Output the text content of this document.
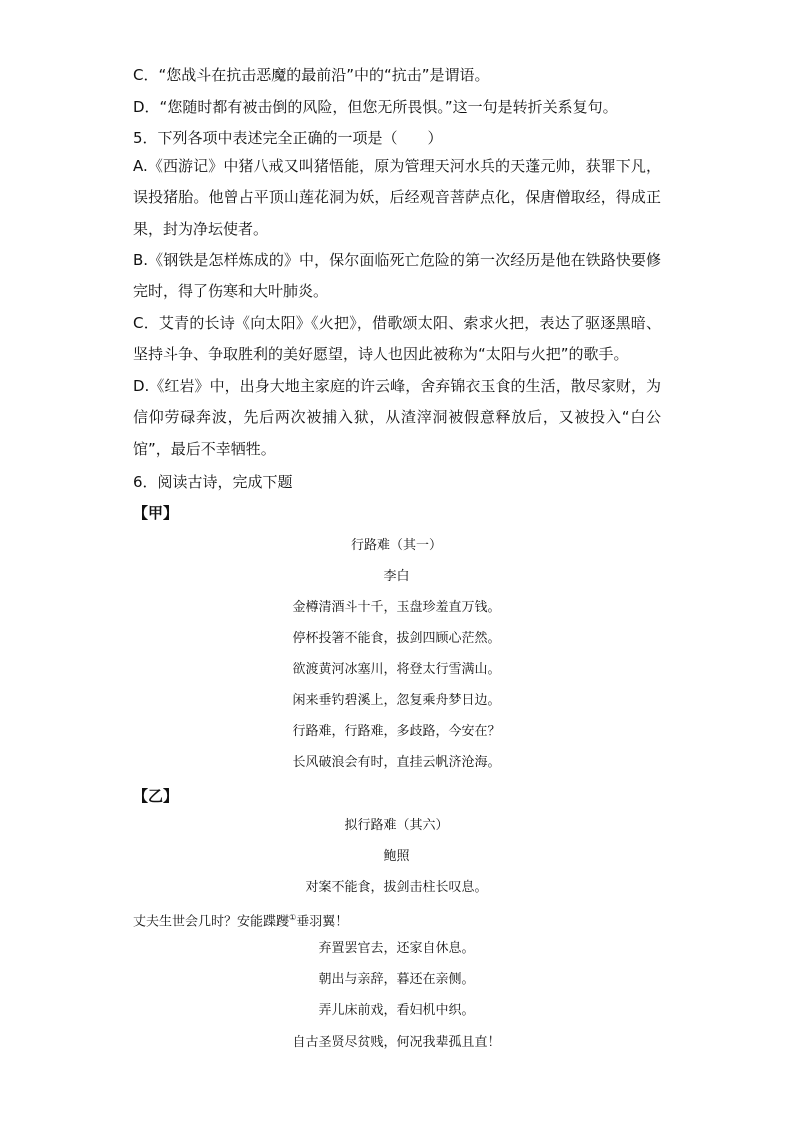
C．“您战斗在抗击恶魔的最前沿”中的“抗击”是谓语。
D．“您随时都有被击倒的风险，但您无所畏惧。”这一句是转折关系复句。
5．下列各项中表述完全正确的一项是（　　）
A.《西游记》中猪八戒又叫猪悟能，原为管理天河水兵的天蓬元帅，获罪下凡，误投猪胎。他曾占平顶山莲花洞为妖，后经观音菩萨点化，保唐僧取经，得成正果，封为净坛使者。
B.《钢铁是怎样炼成的》中，保尔面临死亡危险的第一次经历是他在铁路快要修完时，得了伤寒和大叶肺炎。
C．艾青的长诗《向太阳》《火把》，借歌颂太阳、索求火把，表达了驱逐黑暗、坚持斗争、争取胜利的美好愿望，诗人也因此被称为“太阳与火把”的歌手。
D.《红岩》中，出身大地主家庭的许云峰，舍弃锦衣玉食的生活，散尽家财，为信仰劳碌奔波，先后两次被捕入狱，从渣滓洞被假意释放后，又被投入“白公馆”，最后不幸牺牲。
6．阅读古诗，完成下题
【甲】
行路难（其一）
李白
金樽清酒斗十千，玉盘珍羞直万钱。
停杯投箸不能食，拔剑四顾心茫然。
欲渡黄河冰塞川，将登太行雪满山。
闲来垂钓碧溪上，忽复乘舟梦日边。
行路难，行路难，多歧路，今安在？
长风破浪会有时，直挂云帆济沧海。
【乙】
拟行路难（其六）
鲍照
对案不能食，拔剑击柱长叹息。
丈夫生世会几时？安能蹀躞①垂羽翼！
弃置罢官去，还家自休息。
朝出与亲辞，暮还在亲侧。
弄儿床前戏，看妇机中织。
自古圣贤尽贫贱，何况我辈孤且直！
